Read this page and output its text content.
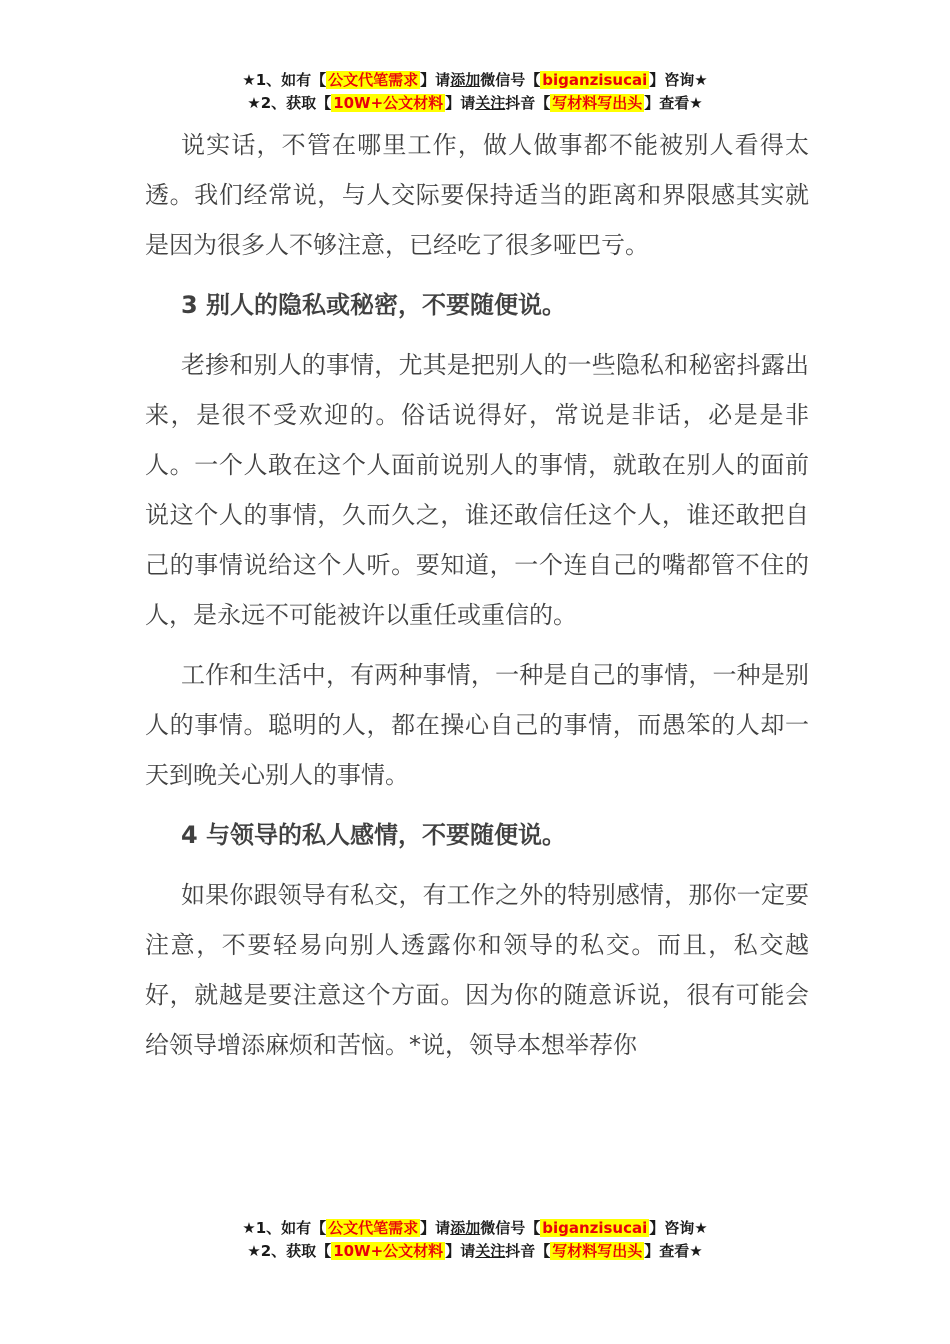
★1、如有【 公文代笔需求 】请添加微信号【 biganzisucai 】咨询★
★2、获取【 10W+公文材料 】请关注抖音【 写材料写出头 】查看★

说实话，不管在哪里工作，做人做事都不能被别人看得太透。我们经常说，与人交际要保持适当的距离和界限感其实就是因为很多人不够注意，已经吃了很多哑巴亏。

3 别人的隐私或秘密，不要随便说。

老掺和别人的事情，尤其是把别人的一些隐私和秘密抖露出来，是很不受欢迎的。俗话说得好，常说是非话，必是是非人。一个人敢在这个人面前说别人的事情，就敢在别人的面前说这个人的事情，久而久之，谁还敢信任这个人，谁还敢把自己的事情说给这个人听。要知道，一个连自己的嘴都管不住的人，是永远不可能被许以重任或重信的。

工作和生活中，有两种事情，一种是自己的事情，一种是别人的事情。聪明的人，都在操心自己的事情，而愚笨的人却一天到晚关心别人的事情。

4 与领导的私人感情，不要随便说。

如果你跟领导有私交，有工作之外的特别感情，那你一定要注意，不要轻易向别人透露你和领导的私交。而且，私交越好，就越是要注意这个方面。因为你的随意诉说，很有可能会给领导增添麻烦和苦恼。*说，领导本想举荐你

★1、如有【 公文代笔需求 】请添加微信号【 biganzisucai 】咨询★
★2、获取【 10W+公文材料 】请关注抖音【 写材料写出头 】查看★
